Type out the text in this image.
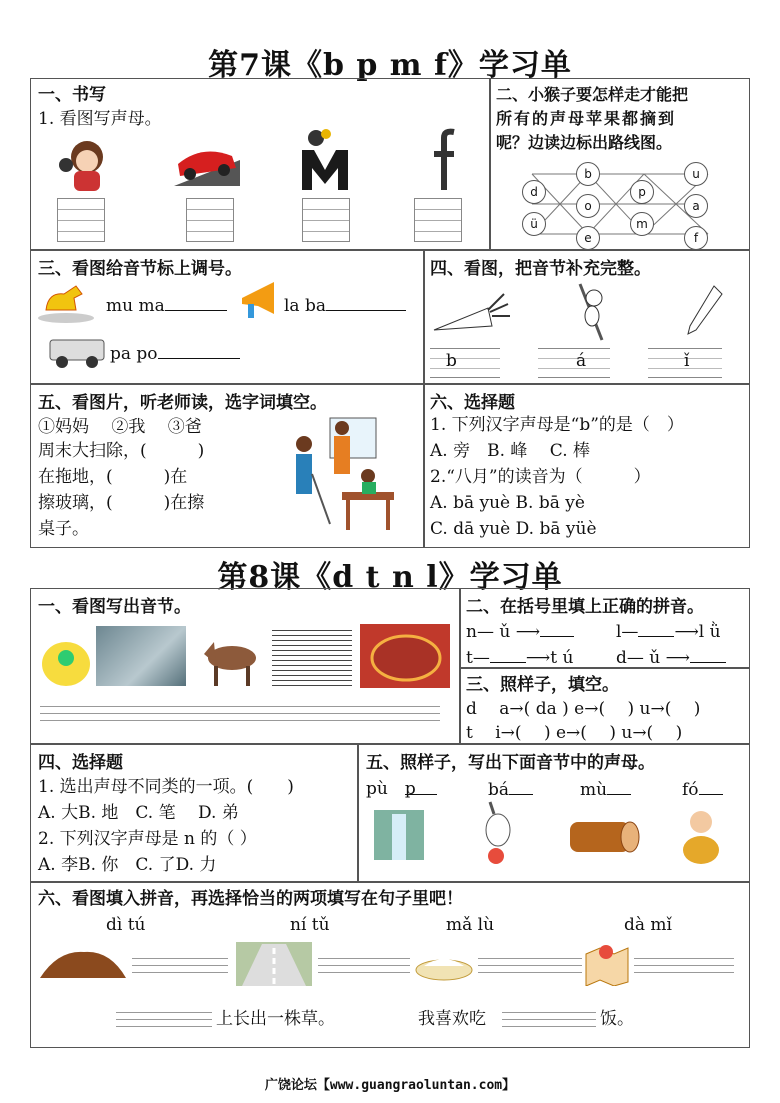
第7课《b p m f》学习单
一、书写
1. 看图写声母。
二、小猴子要怎样走才能把
所有的声母苹果都摘到
呢？边读边标出路线图。
b
p
u
d
o
m
ü
e	f
a
三、看图给音节标上调号。
mu ma	la ba
pa po
四、看图，把音节补充完整。
b	á	ǐ
五、看图片，听老师读，选字词填空。
①妈妈　 ②我　 ③爸
周末大扫除，(　　　)
在拖地，(　　　)在
擦玻璃，(　　　)在擦
桌子。
六、选择题
1. 下列汉字声母是“b”的是（　）
A. 旁　B. 峰　 C. 棒
2.“八月”的读音为（　　　）
A. bā yuè B. bā yè
C. dā yuè D. bā yüè
第8课《d t n l》学习单
一、看图写出音节。	二、在括号里填上正确的拼音。
n— ǔ ⟶	l— ⟶l ǜ
t— ⟶t ú	d— ǔ ⟶
三、照样子，填空。
d　 a→( da ) e→(　 ) u→(　 )
t　 i→(　 ) e→(　 ) u→(　 )
四、选择题
1. 选出声母不同类的一项。(　　)
A. 大B. 地　C. 笔　 D. 弟
2. 下列汉字声母是 n 的（ ）
A. 李B. 你　C. 了D. 力
五、照样子，写出下面音节中的声母。
pù　 p	bá	mù	fó
六、看图填入拼音，再选择恰当的两项填写在句子里吧！
dì tú	ní tǔ	mǎ lù	dà mǐ
上长出一株草。	我喜欢吃	饭。
广饶论坛【www.guangraoluntan.com】
